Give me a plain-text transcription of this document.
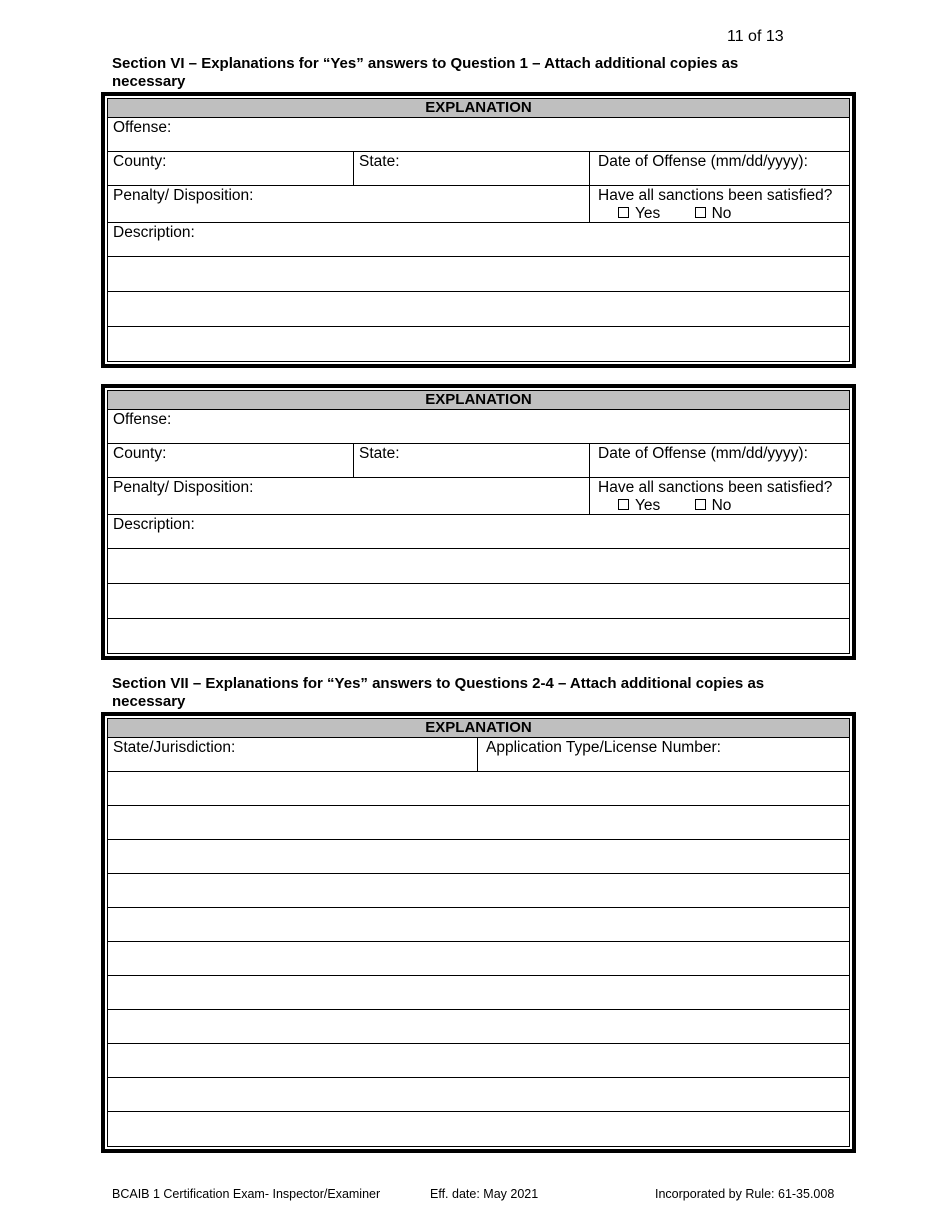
11 of 13
Section VI – Explanations for “Yes” answers to Question 1 – Attach additional copies as necessary
EXPLANATION
Offense:
County:	State:	Date of Offense (mm/dd/yyyy):
Penalty/ Disposition:	Have all sanctions been satisfied?
Yes	No
Description:
EXPLANATION
Offense:
County:	State:	Date of Offense (mm/dd/yyyy):
Penalty/ Disposition:	Have all sanctions been satisfied?
Yes	No
Description:
Section VII – Explanations for “Yes” answers to Questions 2-4 – Attach additional copies as necessary
EXPLANATION
State/Jurisdiction:	Application Type/License Number:
BCAIB 1 Certification Exam- Inspector/Examiner	Eff. date: May 2021	Incorporated by Rule: 61-35.008
